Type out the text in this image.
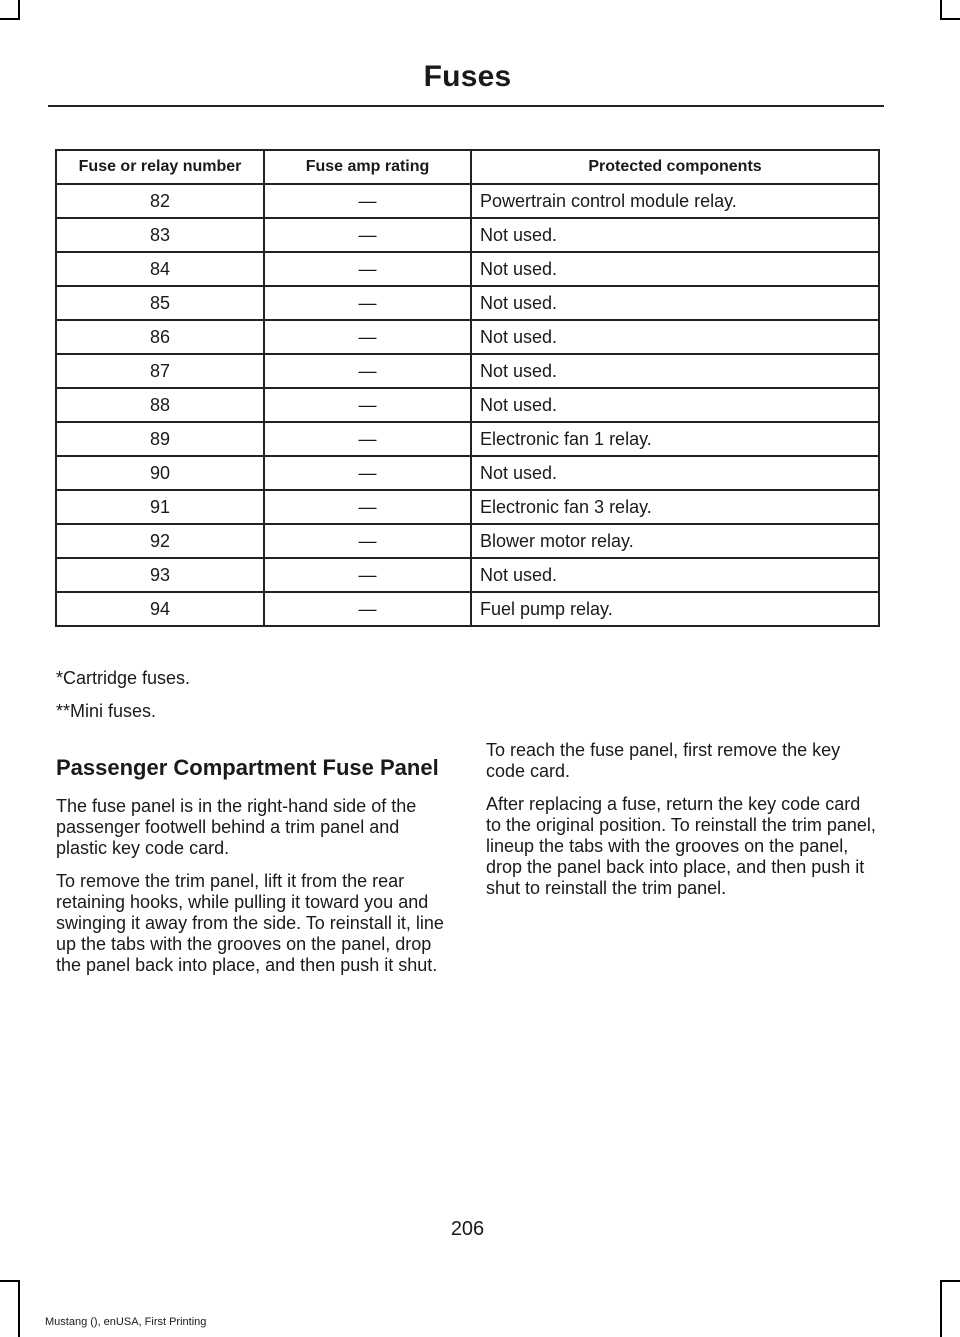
Fuses
Fuse or relay number	Fuse amp rating	Protected components
82	—	Powertrain control module relay.
83	—	Not used.
84	—	Not used.
85	—	Not used.
86	—	Not used.
87	—	Not used.
88	—	Not used.
89	—	Electronic fan 1 relay.
90	—	Not used.
91	—	Electronic fan 3 relay.
92	—	Blower motor relay.
93	—	Not used.
94	—	Fuel pump relay.
*Cartridge fuses.
**Mini fuses.
Passenger Compartment Fuse Panel

The fuse panel is in the right-hand side of the passenger footwell behind a trim panel and plastic key code card.

To remove the trim panel, lift it from the rear retaining hooks, while pulling it toward you and swinging it away from the side. To reinstall it, line up the tabs with the grooves on the panel, drop the panel back into place, and then push it shut.

To reach the fuse panel, first remove the key code card.

After replacing a fuse, return the key code card to the original position. To reinstall the trim panel, lineup the tabs with the grooves on the panel, drop the panel back into place, and then push it shut to reinstall the trim panel.

206
Mustang (), enUSA, First Printing
